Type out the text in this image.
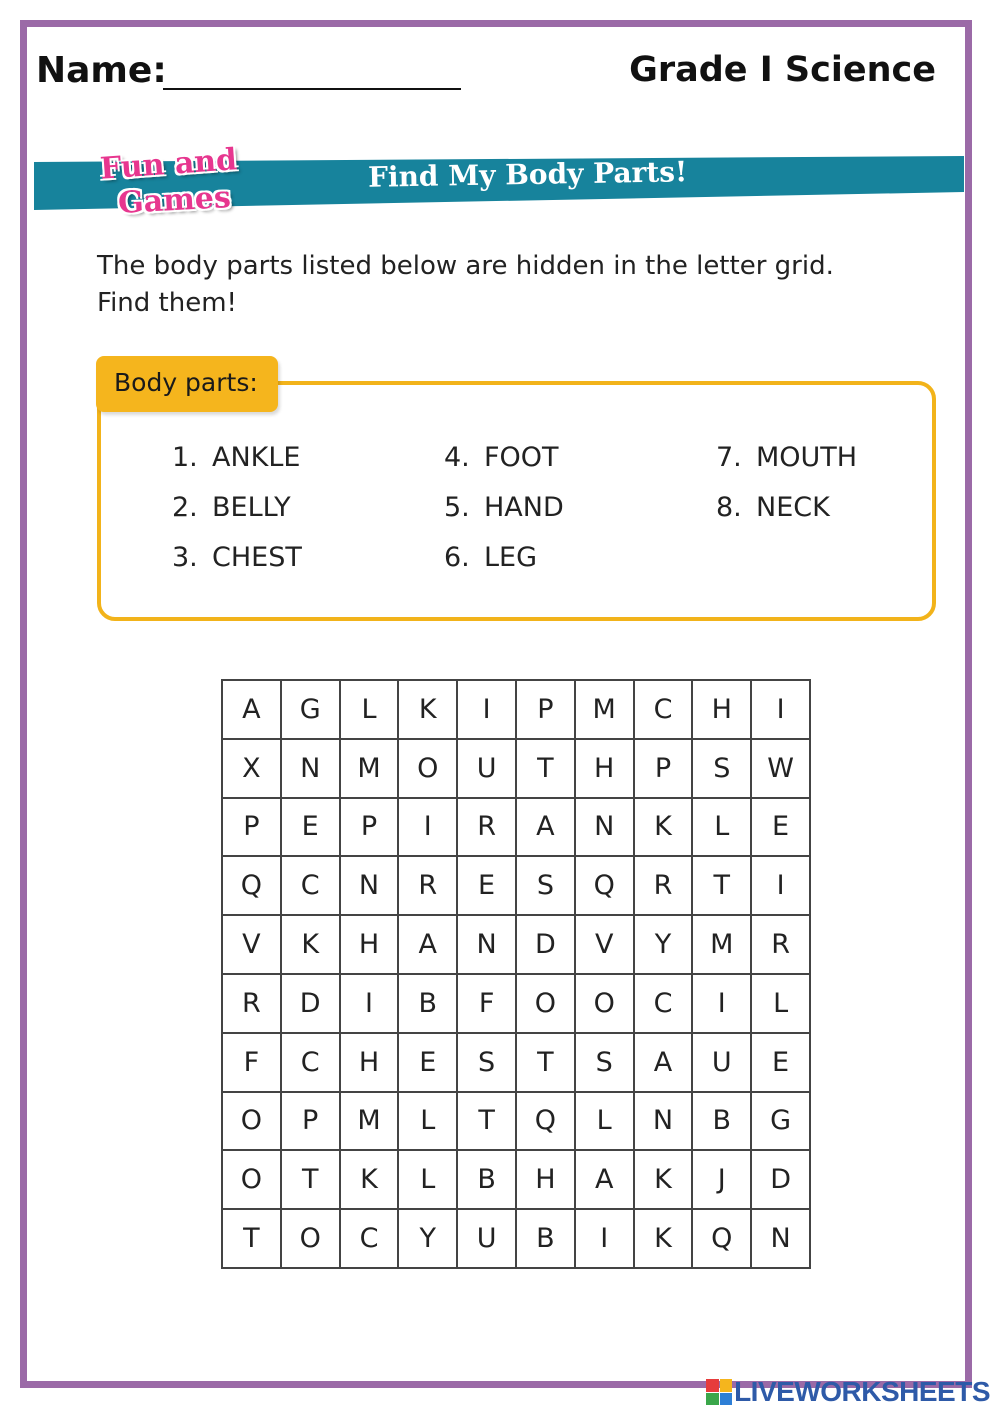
Name:	Grade I Science
Fun and
Games
Find My Body Parts!
The body parts listed below are hidden in the letter grid.
Find them!
Body parts:
1. ANKLE
2. BELLY
3. CHEST
4. FOOT
5. HAND
6. LEG
7. MOUTH
8. NECK
A	G	L	K	I	P	M	C	H	I
X	N	M	O	U	T	H	P	S	W
P	E	P	I	R	A	N	K	L	E
Q	C	N	R	E	S	Q	R	T	I
V	K	H	A	N	D	V	Y	M	R
R	D	I	B	F	O	O	C	I	L
F	C	H	E	S	T	S	A	U	E
O	P	M	L	T	Q	L	N	B	G
O	T	K	L	B	H	A	K	J	D
T	O	C	Y	U	B	I	K	Q	N
LIVEWORKSHEETS
